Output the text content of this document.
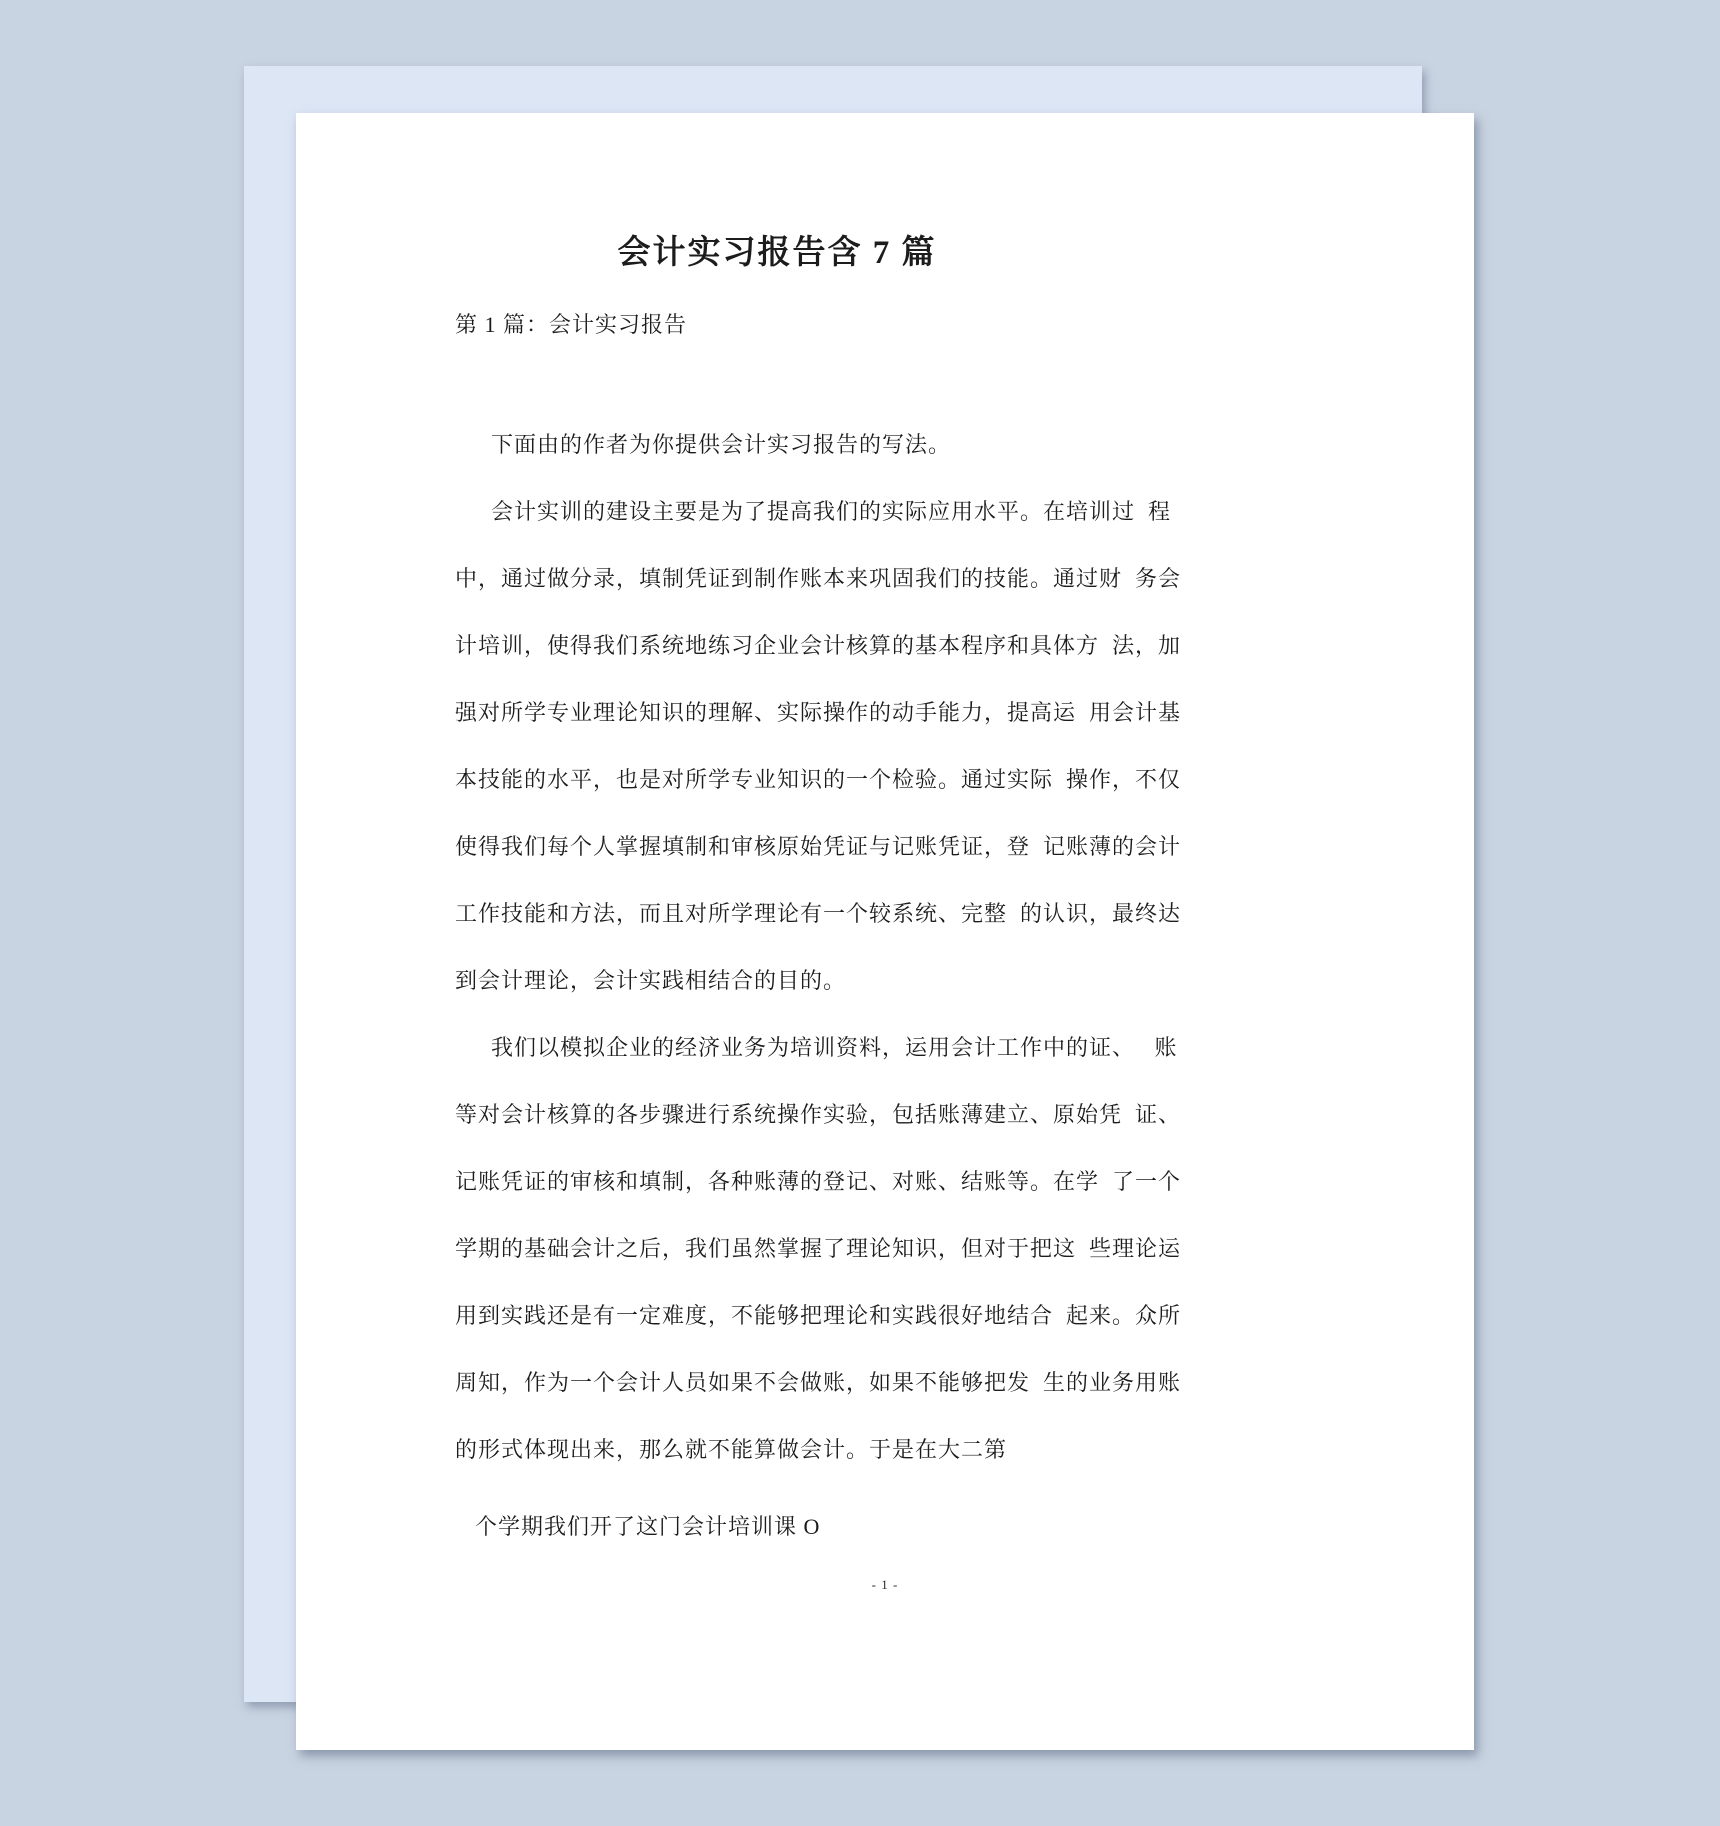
会计实习报告含 7 篇
第 1 篇：会计实习报告
下面由的作者为你提供会计实习报告的写法。
会计实训的建设主要是为了提高我们的实际应用水平。在培训过  程
中，通过做分录，填制凭证到制作账本来巩固我们的技能。通过财  务会
计培训，使得我们系统地练习企业会计核算的基本程序和具体方  法，加
强对所学专业理论知识的理解、实际操作的动手能力，提高运  用会计基
本技能的水平，也是对所学专业知识的一个检验。通过实际  操作，不仅
使得我们每个人掌握填制和审核原始凭证与记账凭证，登  记账薄的会计
工作技能和方法，而且对所学理论有一个较系统、完整  的认识，最终达
到会计理论，会计实践相结合的目的。
我们以模拟企业的经济业务为培训资料，运用会计工作中的证、   账
等对会计核算的各步骤进行系统操作实验，包括账薄建立、原始凭  证、
记账凭证的审核和填制，各种账薄的登记、对账、结账等。在学  了一个
学期的基础会计之后，我们虽然掌握了理论知识，但对于把这  些理论运
用到实践还是有一定难度，不能够把理论和实践很好地结合  起来。众所
周知，作为一个会计人员如果不会做账，如果不能够把发  生的业务用账
的形式体现出来，那么就不能算做会计。于是在大二第
个学期我们开了这门会计培训课 O
- 1 -
